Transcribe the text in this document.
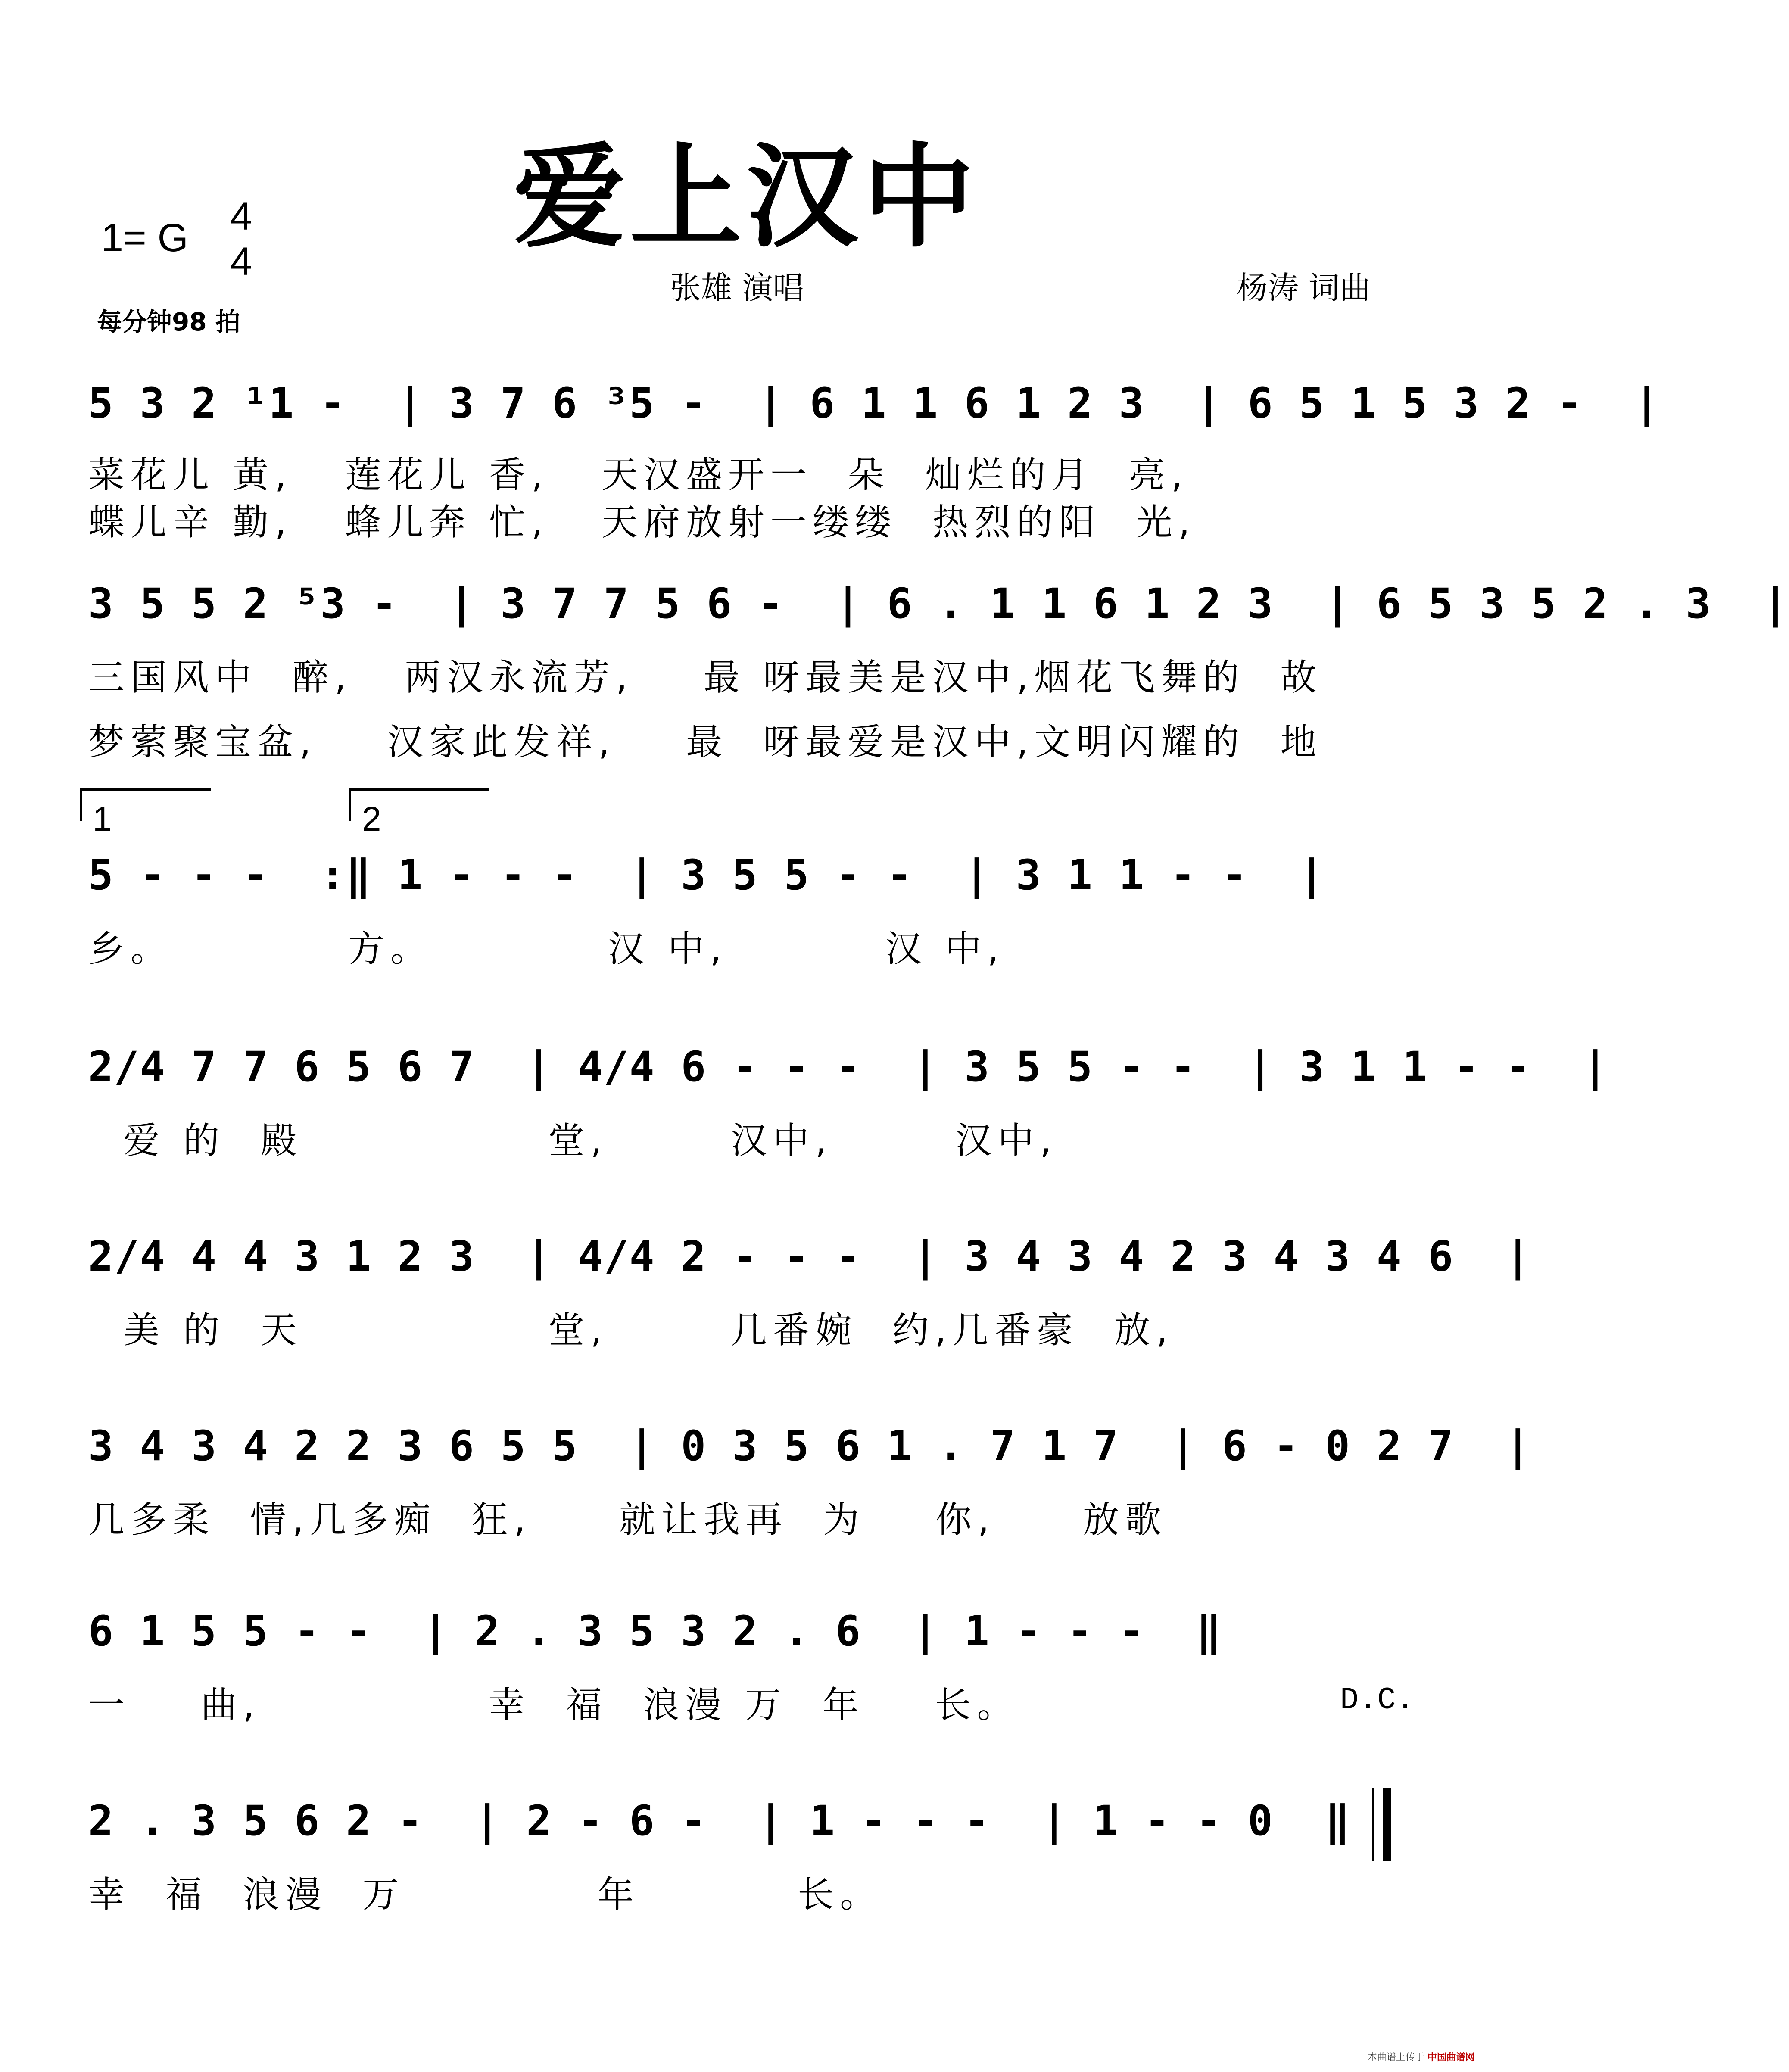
爱上汉中
1= G 4
4
每分钟98 拍
张雄 演唱	杨涛 词曲
5 3 2 ¹1 -  | 3 7 6 ³5 -  | 6 1 1 6 1 2 3  | 6 5 1 5 3 2 -  |
菜花儿 黄,   莲花儿 香,   天汉盛开一  朵  灿烂的月  亮,
蝶儿辛 勤,   蜂儿奔 忙,   天府放射一缕缕  热烈的阳  光,
3 5 5 2 ⁵3 -  | 3 7 7 5 6 -  | 6 . 1 1 6 1 2 3  | 6 5 3 5 2 . 3  |
三国风中  醉,   两汉永流芳,    最 呀最美是汉中,烟花飞舞的  故
梦萦聚宝盆,    汉家此发祥,    最  呀最爱是汉中,文明闪耀的  地
1	2
5 - - -  :‖ 1 - - -  | 3 5 5 - -  | 3 1 1 - -  |
乡。          方。          汉 中,         汉 中,
2/4 7 7 6 5 6 7  | 4/4 6 - - -  | 3 5 5 - -  | 3 1 1 - -  |
爱 的  殿              堂,       汉中,       汉中,
2/4 4 4 3 1 2 3  | 4/4 2 - - -  | 3 4 3 4 2 3 4 3 4 6  |
美 的  天              堂,       几番婉  约,几番豪  放,
3 4 3 4 2 2 3 6 5 5  | 0 3 5 6 1 . 7 1 7  | 6 - 0 2 7  |
几多柔  情,几多痴  狂,     就让我再  为    你,     放歌
6 1 5 5 - -  | 2 . 3 5 3 2 . 6  | 1 - - -  ‖
一    曲,             幸  福  浪漫 万  年    长。	D.C.
2 . 3 5 6 2 -  | 2 - 6 -  | 1 - - -  | 1 - - 0  ‖
幸  福  浪漫  万           年         长。
本曲谱上传于 中国曲谱网
